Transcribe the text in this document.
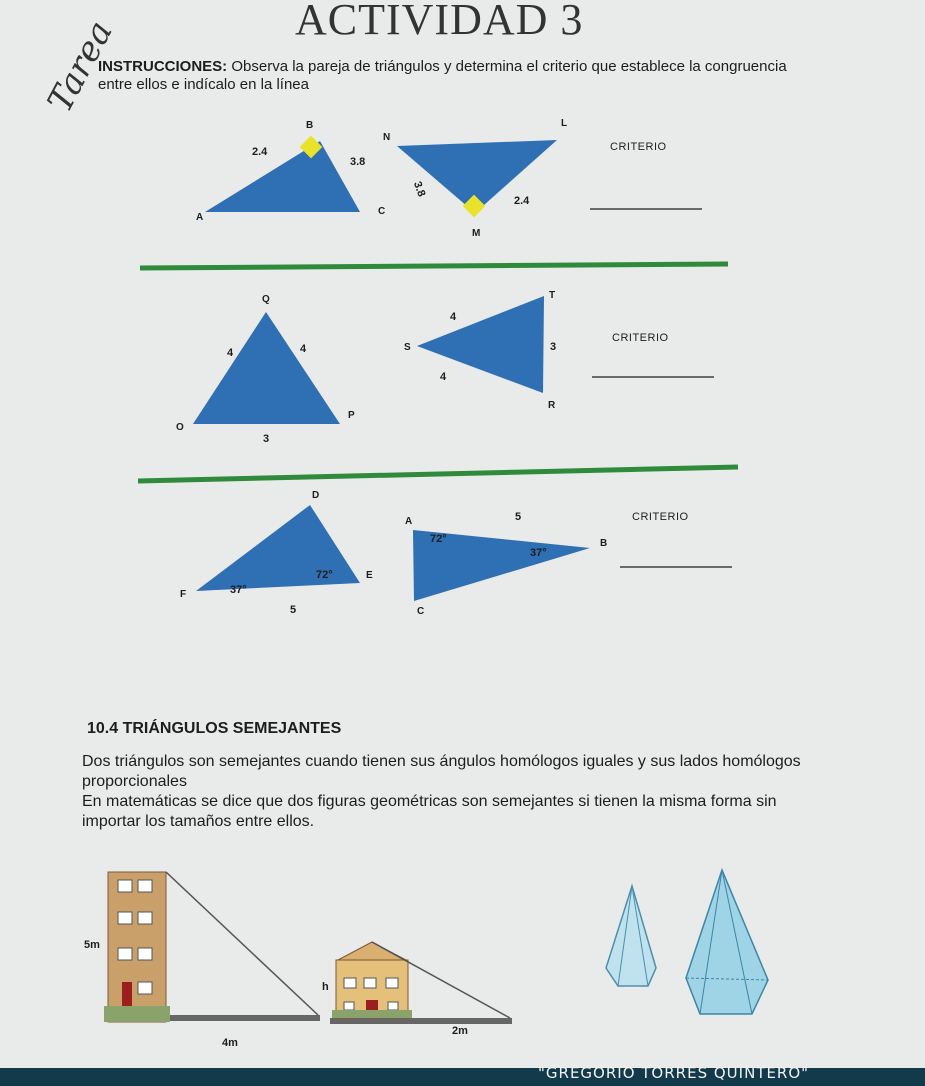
ACTIVIDAD 3
Tarea

INSTRUCCIONES: Observa la pareja de triángulos y determina el criterio que establece la congruencia entre ellos e indícalo en la línea

B
A
C
2.4
3.8
N
L
M
3.8
2.4
CRITERIO
Q
O
P
4	4
3
T
S
R
4
3
4
CRITERIO
D
F
E
37°
72°
5
A
B
C
72°
37°
5	CRITERIO
10.4 TRIÁNGULOS SEMEJANTES

Dos triángulos son semejantes cuando tienen sus ángulos homólogos iguales y sus lados homólogos proporcionales

En matemáticas se dice que dos figuras geométricas son semejantes si tienen la misma forma sin importar los tamaños entre ellos.

5m
4m
h
2m
"GREGORIO TORRES QUINTERO"
